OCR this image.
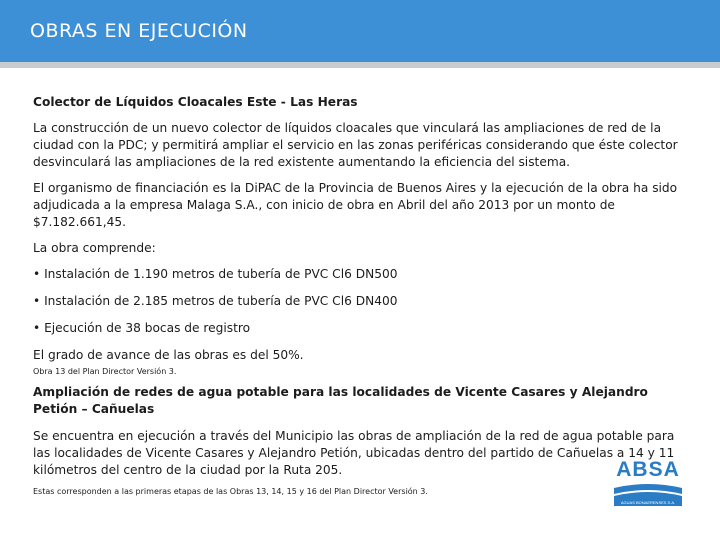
OBRAS EN EJECUCIÓN
Colector de Líquidos Cloacales Este - Las Heras
La construcción de un nuevo colector de líquidos cloacales que vinculará las ampliaciones de red de la ciudad con la PDC; y permitirá ampliar el servicio en las zonas periféricas considerando que éste colector desvinculará las ampliaciones de la red existente aumentando la eficiencia del sistema.
El organismo de financiación es la DiPAC de la Provincia de Buenos Aires y la ejecución de la obra ha sido adjudicada a la empresa Malaga S.A., con inicio de obra en Abril del año 2013 por un monto de $7.182.661,45.
La obra comprende:
• Instalación de 1.190 metros de tubería de PVC Cl6 DN500
• Instalación de 2.185 metros de tubería de PVC Cl6 DN400
• Ejecución de 38 bocas de registro
El grado de avance de las obras es del 50%.
Obra 13 del Plan Director Versión 3.
Ampliación de redes de agua potable para las localidades de Vicente Casares y Alejandro Petión – Cañuelas
Se encuentra en ejecución a través del Municipio las obras de ampliación de la red de agua potable para las localidades de Vicente Casares y Alejandro Petión, ubicadas dentro del partido de Cañuelas a 14 y 11 kilómetros del centro de la ciudad por la Ruta 205.
Estas corresponden a las primeras etapas de las Obras 13, 14, 15 y 16 del Plan Director Versión 3.
ABSA
AGUAS BONAERENSES S.A.
